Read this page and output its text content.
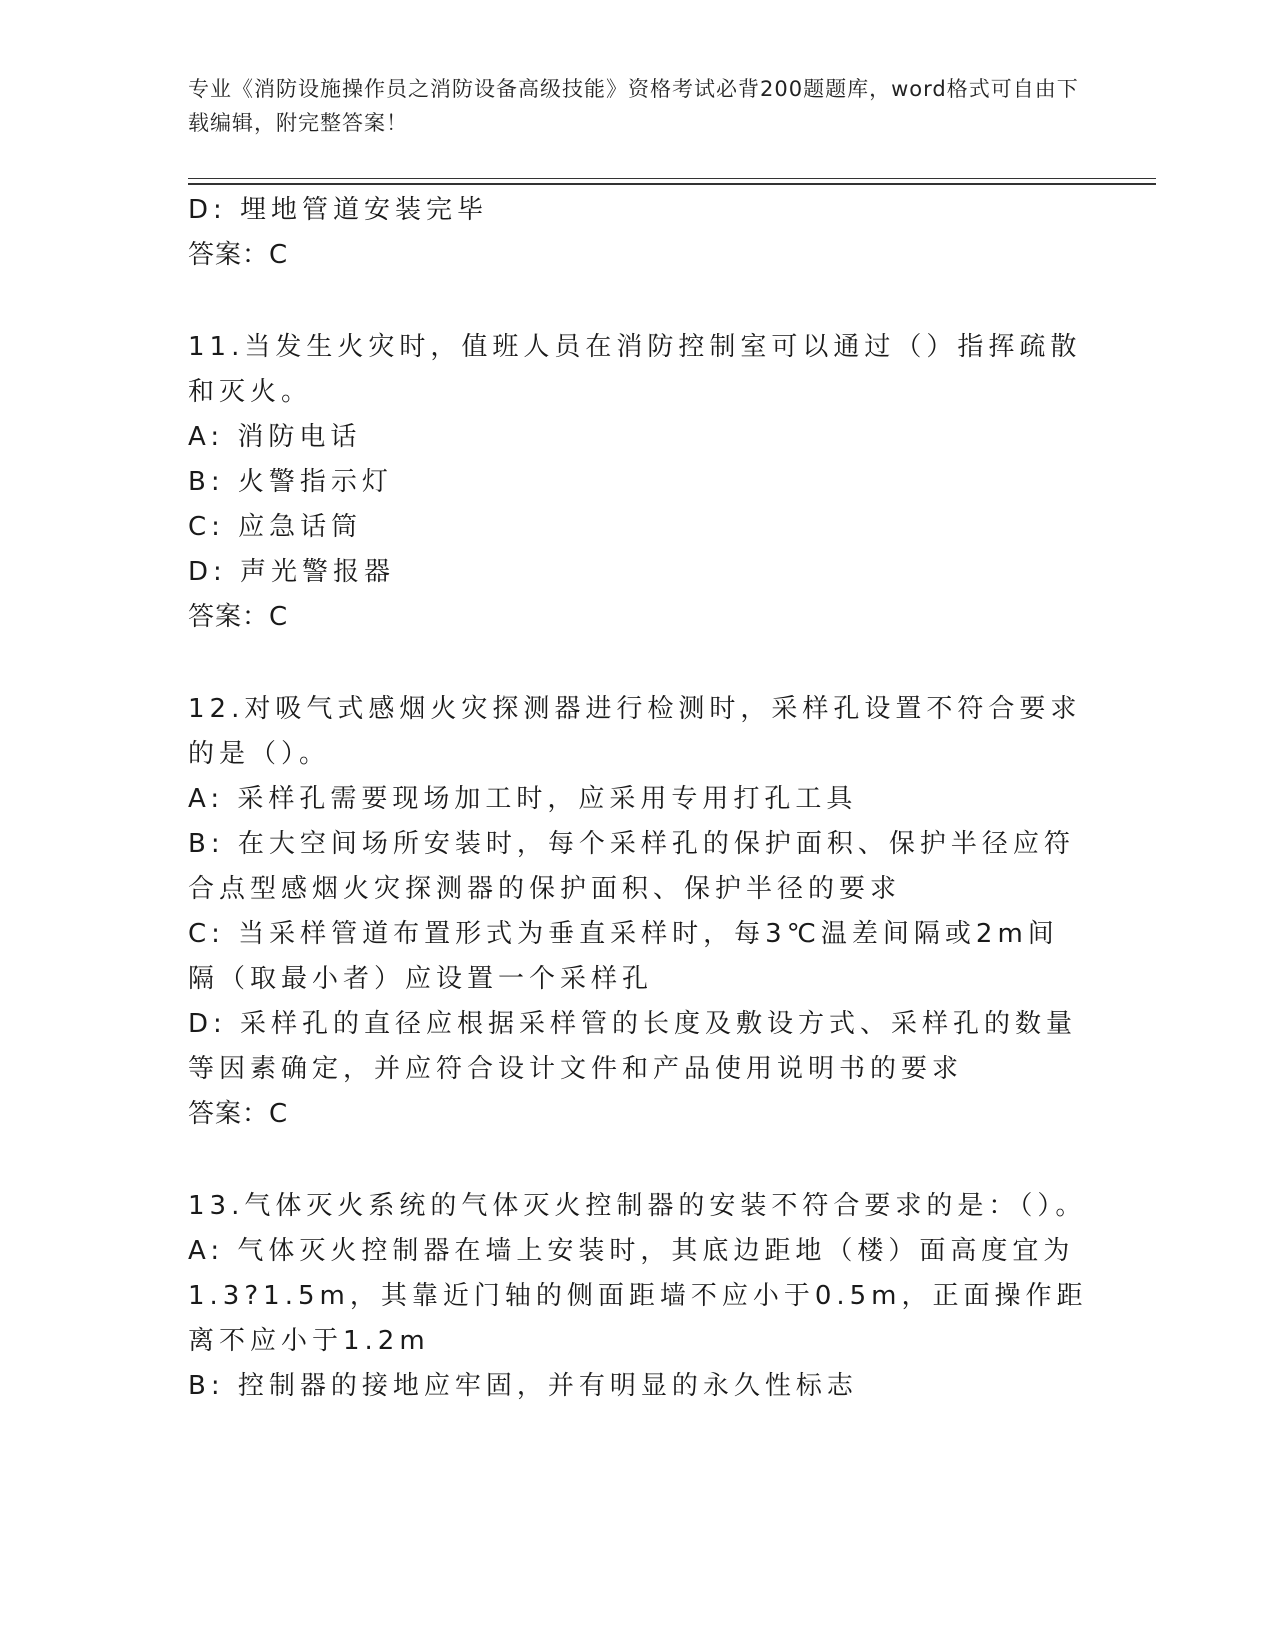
专业《消防设施操作员之消防设备高级技能》资格考试必背200题题库，word格式可自由下载编辑，附完整答案！
D: 埋地管道安装完毕
答案：C
11.当发生火灾时，值班人员在消防控制室可以通过（）指挥疏散和灭火。
A: 消防电话
B: 火警指示灯
C: 应急话筒
D: 声光警报器
答案：C
12.对吸气式感烟火灾探测器进行检测时，采样孔设置不符合要求的是（）。
A: 采样孔需要现场加工时，应采用专用打孔工具
B: 在大空间场所安装时，每个采样孔的保护面积、保护半径应符合点型感烟火灾探测器的保护面积、保护半径的要求
C: 当采样管道布置形式为垂直采样时，每3℃温差间隔或2m间隔（取最小者）应设置一个采样孔
D: 采样孔的直径应根据采样管的长度及敷设方式、采样孔的数量等因素确定，并应符合设计文件和产品使用说明书的要求
答案：C
13.气体灭火系统的气体灭火控制器的安装不符合要求的是：（）。
A: 气体灭火控制器在墙上安装时，其底边距地（楼）面高度宜为1.3?1.5m，其靠近门轴的侧面距墙不应小于0.5m，正面操作距离不应小于1.2m
B: 控制器的接地应牢固，并有明显的永久性标志
